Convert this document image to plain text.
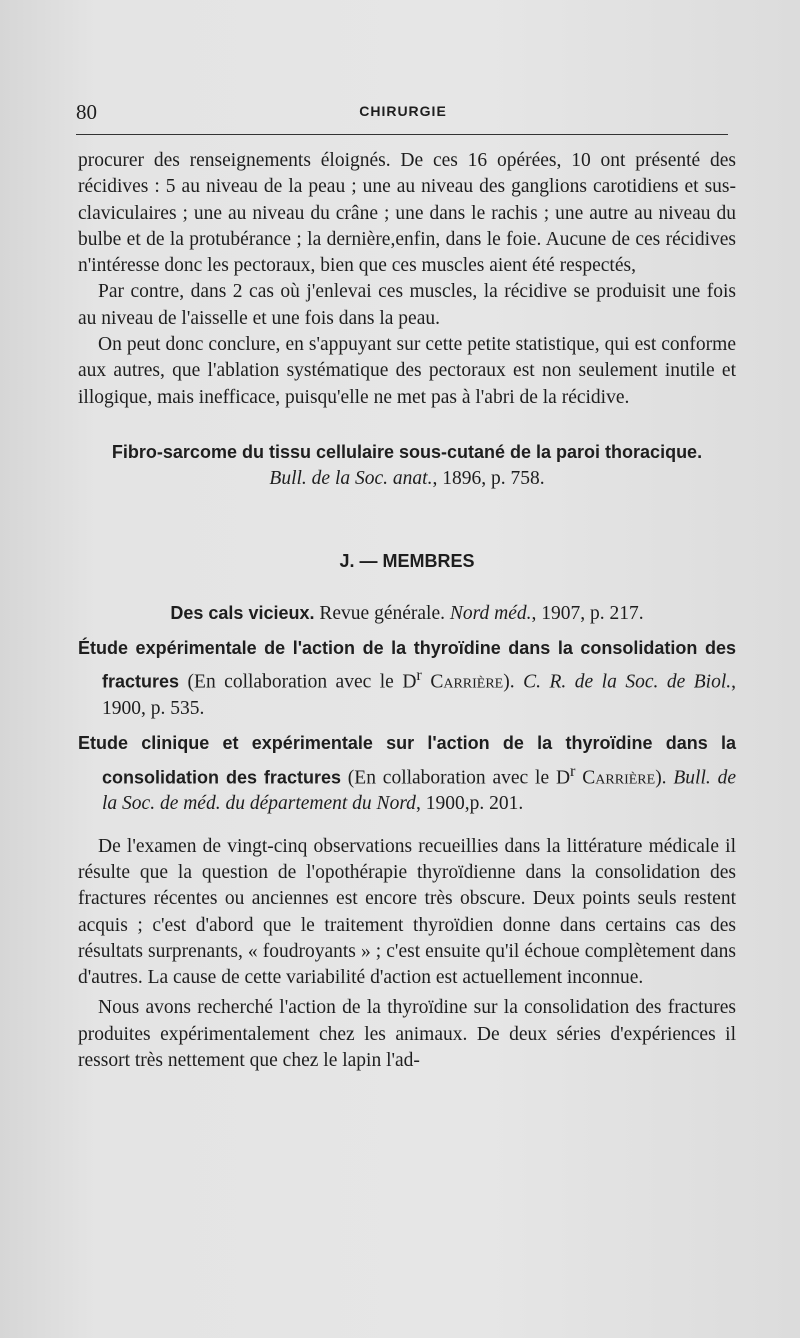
80	CHIRURGIE

procurer des renseignements éloignés. De ces 16 opérées, 10 ont présenté des récidives : 5 au niveau de la peau ; une au niveau des ganglions carotidiens et sus-claviculaires ; une au niveau du crâne ; une dans le rachis ; une autre au niveau du bulbe et de la protubérance ; la dernière,enfin, dans le foie. Aucune de ces récidives n'intéresse donc les pectoraux, bien que ces muscles aient été respectés,

Par contre, dans 2 cas où j'enlevai ces muscles, la récidive se produisit une fois au niveau de l'aisselle et une fois dans la peau.

On peut donc conclure, en s'appuyant sur cette petite statistique, qui est conforme aux autres, que l'ablation systématique des pectoraux est non seulement inutile et illogique, mais inefficace, puisqu'elle ne met pas à l'abri de la récidive.

Fibro-sarcome du tissu cellulaire sous-cutané de la paroi thoracique.
Bull. de la Soc. anat., 1896, p. 758.
J. — MEMBRES
Des cals vicieux. Revue générale. Nord méd., 1907, p. 217.
Étude expérimentale de l'action de la thyroïdine dans la consolidation des fractures (En collaboration avec le $D^r$ Carrière). C. R. de la Soc. de Biol., 1900, p. 535.
Etude clinique et expérimentale sur l'action de la thyroïdine dans la consolidation des fractures (En collaboration avec le $D^r$ Carrière). Bull. de la Soc. de méd. du département du Nord, 1900,p. 201.

De l'examen de vingt-cinq observations recueillies dans la littérature médicale il résulte que la question de l'opothérapie thyroïdienne dans la consolidation des fractures récentes ou anciennes est encore très obscure. Deux points seuls restent acquis ; c'est d'abord que le traitement thyroïdien donne dans certains cas des résultats surprenants, « foudroyants » ; c'est ensuite qu'il échoue complètement dans d'autres. La cause de cette variabilité d'action est actuellement inconnue.

Nous avons recherché l'action de la thyroïdine sur la consolidation des fractures produites expérimentalement chez les animaux. De deux séries d'expériences il ressort très nettement que chez le lapin l'ad-
